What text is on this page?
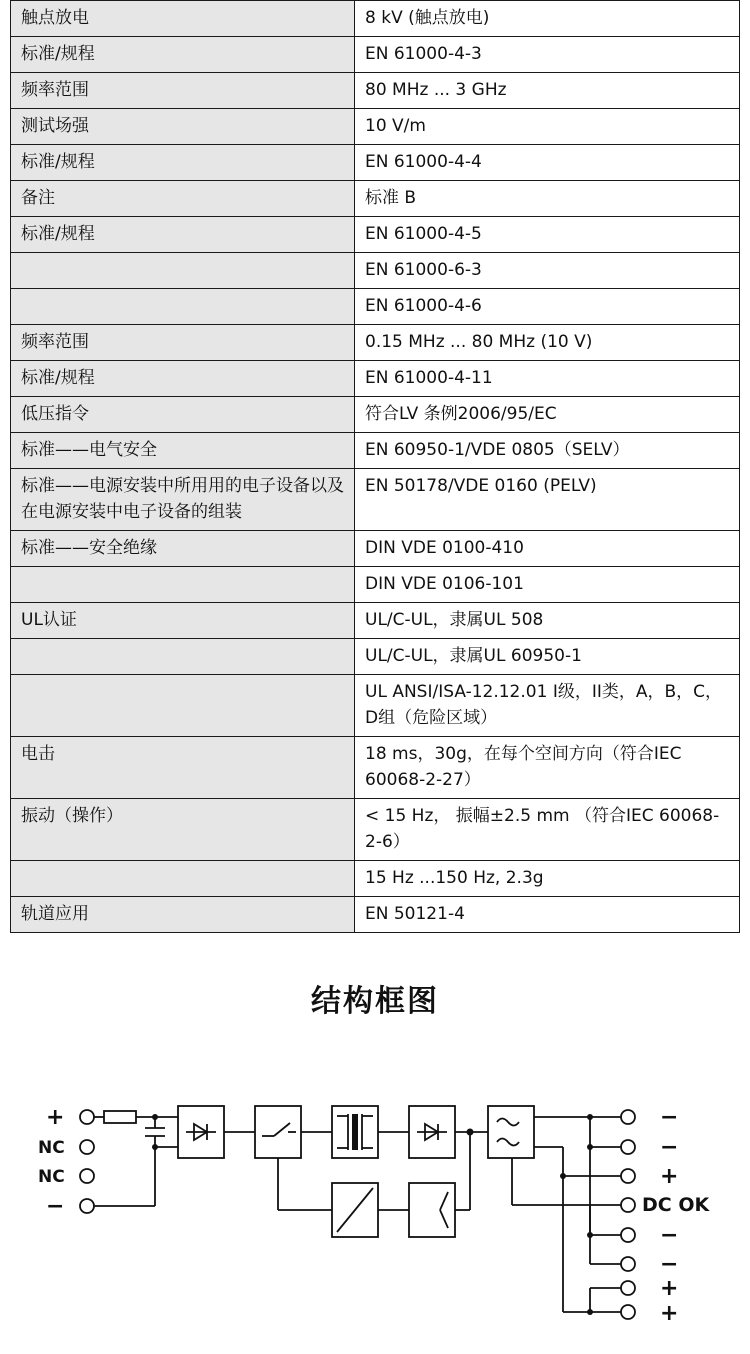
触点放电	8 kV (触点放电)
标准/规程	EN 61000-4-3
频率范围	80 MHz ... 3 GHz
测试场强	10 V/m
标准/规程	EN 61000-4-4
备注	标准 B
标准/规程	EN 61000-4-5
	EN 61000-6-3
	EN 61000-4-6
频率范围	0.15 MHz ... 80 MHz (10 V)
标准/规程	EN 61000-4-11
低压指令	符合LV 条例2006/95/EC
标准——电气安全	EN 60950-1/VDE 0805（SELV）
标准——电源安装中所用用的电子设备以及在电源安装中电子设备的组装	EN 50178/VDE 0160 (PELV)
标准——安全绝缘	DIN VDE 0100-410
	DIN VDE 0106-101
UL认证	UL/C-UL，隶属UL 508
	UL/C-UL，隶属UL 60950-1
	UL ANSI/ISA-12.12.01 I级，II类，A，B，C，D组（危险区域）
电击	18 ms，30g，在每个空间方向（符合IEC 60068-2-27）
振动（操作）	< 15 Hz， 振幅±2.5 mm （符合IEC 60068-2-6）
	15 Hz ...150 Hz, 2.3g
轨道应用	EN 50121-4
结构框图
+
NC
NC
−
−
−
+
DC OK
−
−
+
+
